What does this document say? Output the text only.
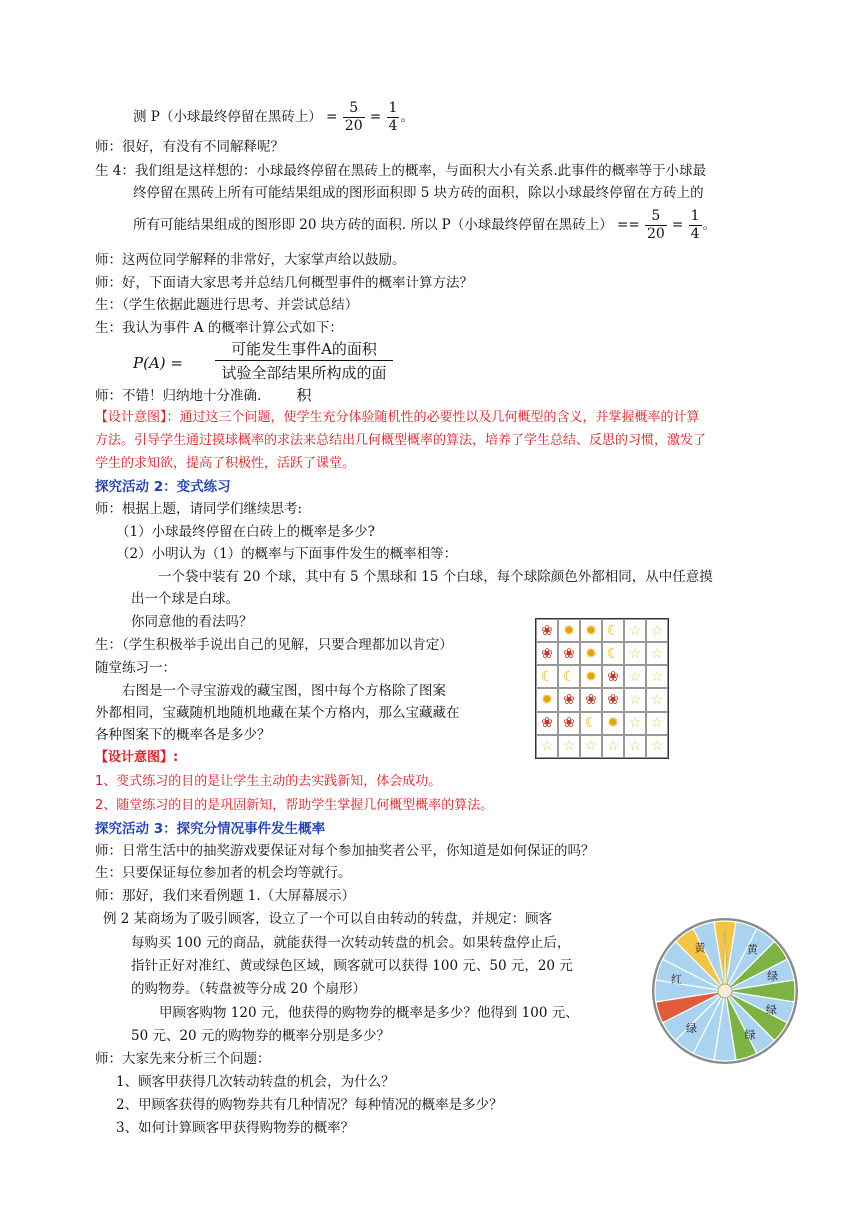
测 P（小球最终停留在黑砖上） = $\frac{5}{20} = \frac{1}{4}$ 。
师：很好，有没有不同解释呢？
生 4：我们组是这样想的：小球最终停留在黑砖上的概率，与面积大小有关系.此事件的概率等于小球最
终停留在黑砖上所有可能结果组成的图形面积即 5 块方砖的面积，除以小球最终停留在方砖上的
所有可能结果组成的图形即 20 块方砖的面积. 所以 P（小球最终停留在黑砖上） == $\frac{5}{20} = \frac{1}{4}$ 。
师：这两位同学解释的非常好，大家掌声给以鼓励。
师：好，下面请大家思考并总结几何概型事件的概率计算方法？
生：（学生依据此题进行思考、并尝试总结）
生：我认为事件 A 的概率计算公式如下：
P(A) =
可能发生事件A的面积
试验全部结果所构成的面积
师：不错！归纳地十分准确.
【设计意图】：通过这三个问题，使学生充分体验随机性的必要性以及几何概型的含义，并掌握概率的计算
方法。引导学生通过摸球概率的求法来总结出几何概型概率的算法，培养了学生总结、反思的习惯，激发了
学生的求知欲，提高了积极性，活跃了课堂。
探究活动 2：变式练习
师：根据上题，请同学们继续思考:
（1）小球最终停留在白砖上的概率是多少?
（2）小明认为（1）的概率与下面事件发生的概率相等：
一个袋中装有 20 个球，其中有 5 个黑球和 15 个白球，每个球除颜色外都相同，从中任意摸
出一个球是白球。
你同意他的看法吗？
生：（学生积极举手说出自己的见解，只要合理都加以肯定）
随堂练习一：
右图是一个寻宝游戏的藏宝图，图中每个方格除了图案
外都相同，宝藏随机地随机地藏在某个方格内，那么宝藏藏在
各种图案下的概率各是多少？
❀ ✹ ✹ ☾ ☆ ☆
❀ ❀ ✹ ☾ ☆ ☆
☾ ☾ ✹ ❀ ☆ ☆
✹ ❀ ❀ ❀ ☆ ☆
❀ ❀ ☾ ✹ ☆ ☆
☆ ☆ ☆ ☆ ☆ ☆
【设计意图】:
1、变式练习的目的是让学生主动的去实践新知，体会成功。
2、随堂练习的目的是巩固新知，帮助学生掌握几何概型概率的算法。
探究活动 3：探究分情况事件发生概率
师：日常生活中的抽奖游戏要保证对每个参加抽奖者公平，你知道是如何保证的吗？
生：只要保证每位参加者的机会均等就行。
师：那好，我们来看例题 1.（大屏幕展示）
例 2 某商场为了吸引顾客，设立了一个可以自由转动的转盘，并规定：顾客
每购买 100 元的商品，就能获得一次转动转盘的机会。如果转盘停止后，
指针正好对准红、黄或绿色区域，顾客就可以获得 100 元、50 元，20 元
的购物券。（转盘被等分成 20 个扇形）
甲顾客购物 120 元，他获得的购物券的概率是多少？他得到 100 元、
50 元、20 元的购物券的概率分别是多少？
师：大家先来分析三个问题：
1、顾客甲获得几次转动转盘的机会，为什么？
2、甲顾客获得的购物券共有几种情况？每种情况的概率是多少？
3、如何计算顾客甲获得购物券的概率？
黄	黄
红	绿
绿
绿
绿
